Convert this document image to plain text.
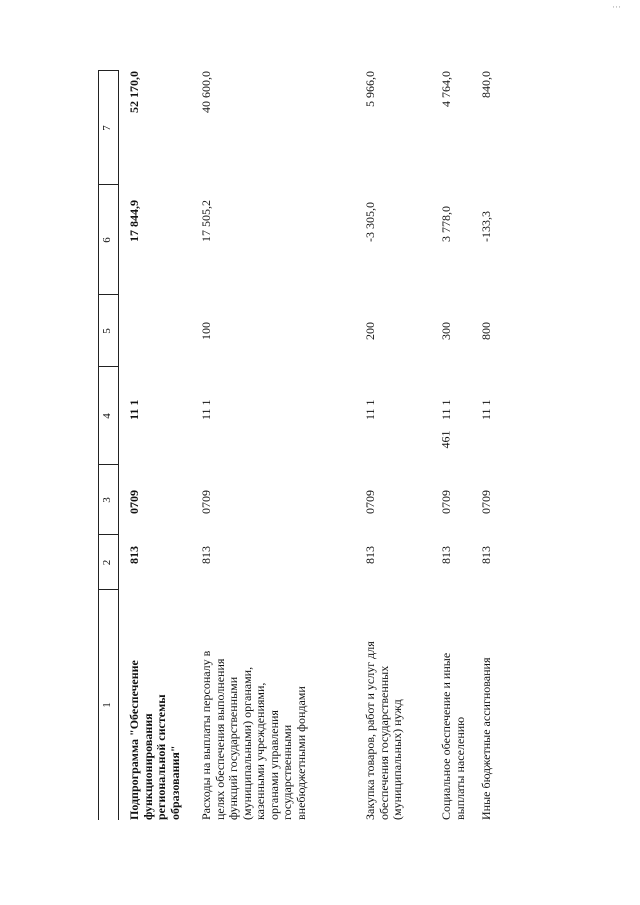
···
461
1
2
3
4
5
6
7
Подпрограмма "Обеспечение функционирования региональной системы образования"
813
0709
11 1
17 844,9
52 170,0
Расходы на выплаты персоналу в целях обеспечения выполнения функций государственными (муниципальными) органами, казенными учреждениями, органами управления государственными внебюджетными фондами
813
0709
11 1
100
17 505,2
40 600,0
Закупка товаров, работ и услуг для обеспечения государственных (муниципальных) нужд
813
0709
11 1
200
-3 305,0
5 966,0
Социальное обеспечение и иные выплаты населению
813
0709
11 1
300
3 778,0
4 764,0
Иные бюджетные ассигнования
813
0709
11 1
800
-133,3
840,0
